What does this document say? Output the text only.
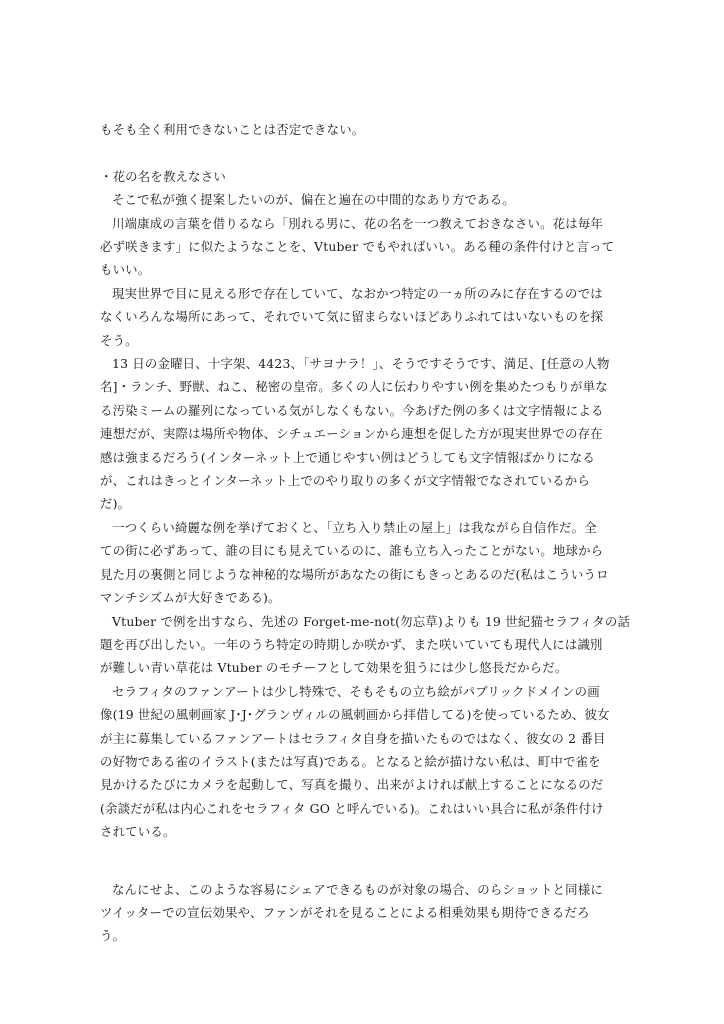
もそも全く利用できないことは否定できない。

・花の名を教えなさい

そこで私が強く提案したいのが、偏在と遍在の中間的なあり方である。

川端康成の言葉を借りるなら「別れる男に、花の名を一つ教えておきなさい。花は毎年

必ず咲きます」に似たようなことを、Vtuber でもやればいい。ある種の条件付けと言って

もいい。

現実世界で目に見える形で存在していて、なおかつ特定の一ヵ所のみに存在するのでは

なくいろんな場所にあって、それでいて気に留まらないほどありふれてはいないものを探

そう。

13 日の金曜日、十字架、4423、「サヨナラ！」、そうですそうです、満足、[任意の人物

名]・ランチ、野獣、ねこ、秘密の皇帝。多くの人に伝わりやすい例を集めたつもりが単な

る汚染ミームの羅列になっている気がしなくもない。今あげた例の多くは文字情報による

連想だが、実際は場所や物体、シチュエーションから連想を促した方が現実世界での存在

感は強まるだろう(インターネット上で通じやすい例はどうしても文字情報ばかりになる

が、これはきっとインターネット上でのやり取りの多くが文字情報でなされているから

だ)。

一つくらい綺麗な例を挙げておくと、「立ち入り禁止の屋上」は我ながら自信作だ。全

ての街に必ずあって、誰の目にも見えているのに、誰も立ち入ったことがない。地球から

見た月の裏側と同じような神秘的な場所があなたの街にもきっとあるのだ(私はこういうロ

マンチシズムが大好きである)。

Vtuber で例を出すなら、先述の Forget-me-not(勿忘草)よりも 19 世紀猫セラフィタの話

題を再び出したい。一年のうち特定の時期しか咲かず、また咲いていても現代人には識別

が難しい青い草花は Vtuber のモチーフとして効果を狙うには少し悠長だからだ。

セラフィタのファンアートは少し特殊で、そもそもの立ち絵がパブリックドメインの画

像(19 世紀の風刺画家 J･J･グランヴィルの風刺画から拝借してる)を使っているため、彼女

が主に募集しているファンアートはセラフィタ自身を描いたものではなく、彼女の 2 番目

の好物である雀のイラスト(または写真)である。となると絵が描けない私は、町中で雀を

見かけるたびにカメラを起動して、写真を撮り、出来がよければ献上することになるのだ

(余談だが私は内心これをセラフィタ GO と呼んでいる)。これはいい具合に私が条件付け

されている。

なんにせよ、このような容易にシェアできるものが対象の場合、のらショットと同様に

ツイッターでの宣伝効果や、ファンがそれを見ることによる相乗効果も期待できるだろ

う。
